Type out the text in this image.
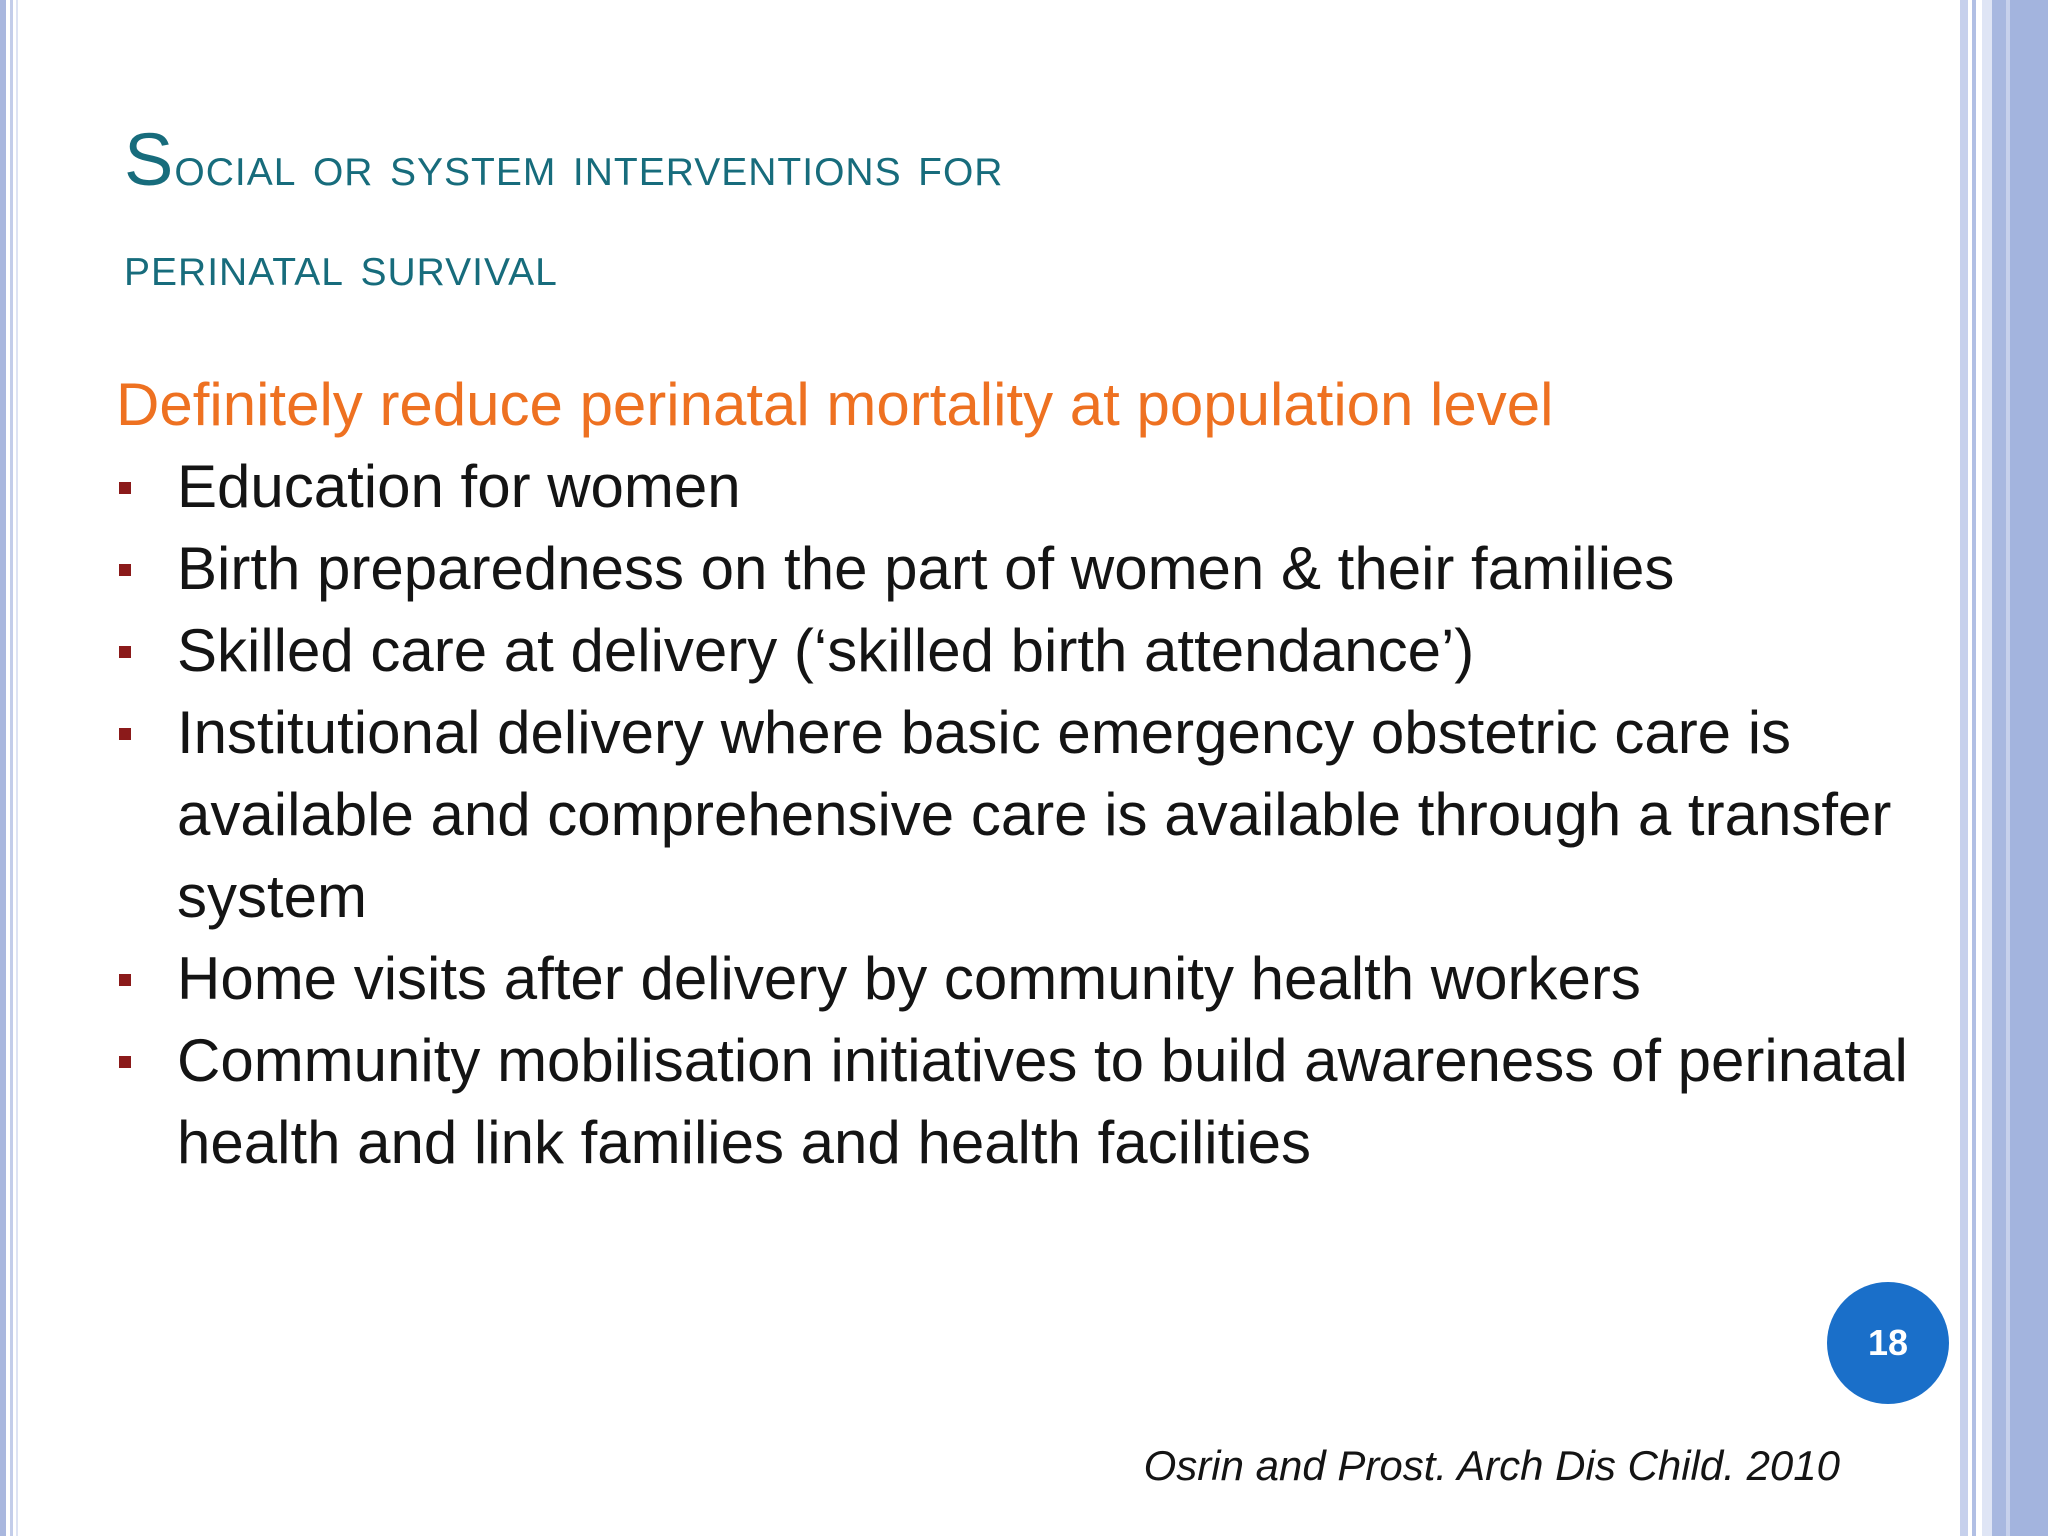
Social or system interventions for
perinatal survival

Definitely reduce perinatal mortality at population level

Education for women
Birth preparedness on the part of women & their families
Skilled care at delivery (‘skilled birth attendance’)
Institutional delivery where basic emergency obstetric care is available and comprehensive care is available through a transfer system
Home visits after delivery by community health workers
Community mobilisation initiatives to build awareness of perinatal health and link families and health facilities
18
Osrin and Prost. Arch Dis Child. 2010
